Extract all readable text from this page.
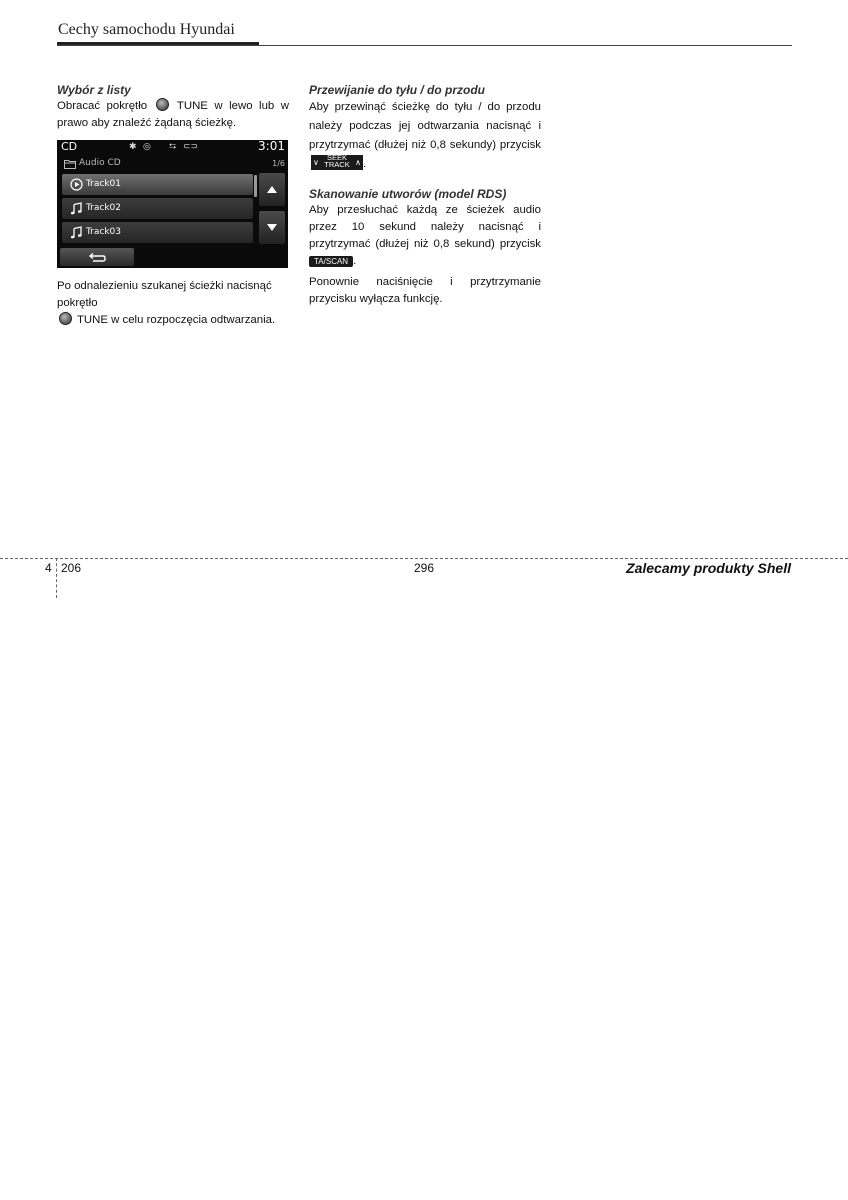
Cechy samochodu Hyundai
Wybór z listy

Obracać pokrętło	TUNE w lewo lub w prawo aby znaleźć żądaną ścieżkę.

CD	✱ ◎ ⮀ ⊂⊃	3:01
Audio CD	1/6
Track01
Track02
Track03

Po odnalezieniu szukanej ścieżki nacisnąć pokrętło
TUNE w celu rozpoczęcia odtwarzania.

Przewijanie do tyłu / do przodu

Aby przewinąć ścieżkę do tyłu / do przodu należy podczas jej odtwarzania nacisnąć i przytrzymać (dłużej niż 0,8 sekundy) przycisk
∨
SEEK
TRACK ∧ .

Skanowanie utworów (model RDS)

Aby przesłuchać każdą ze ścieżek audio przez 10 sekund należy nacisnąć i przytrzymać (dłużej niż 0,8 sekund) przycisk TA/SCAN .

Ponownie naciśnięcie i przytrzymanie przycisku wyłącza funkcję.

4 206	296	Zalecamy produkty Shell
